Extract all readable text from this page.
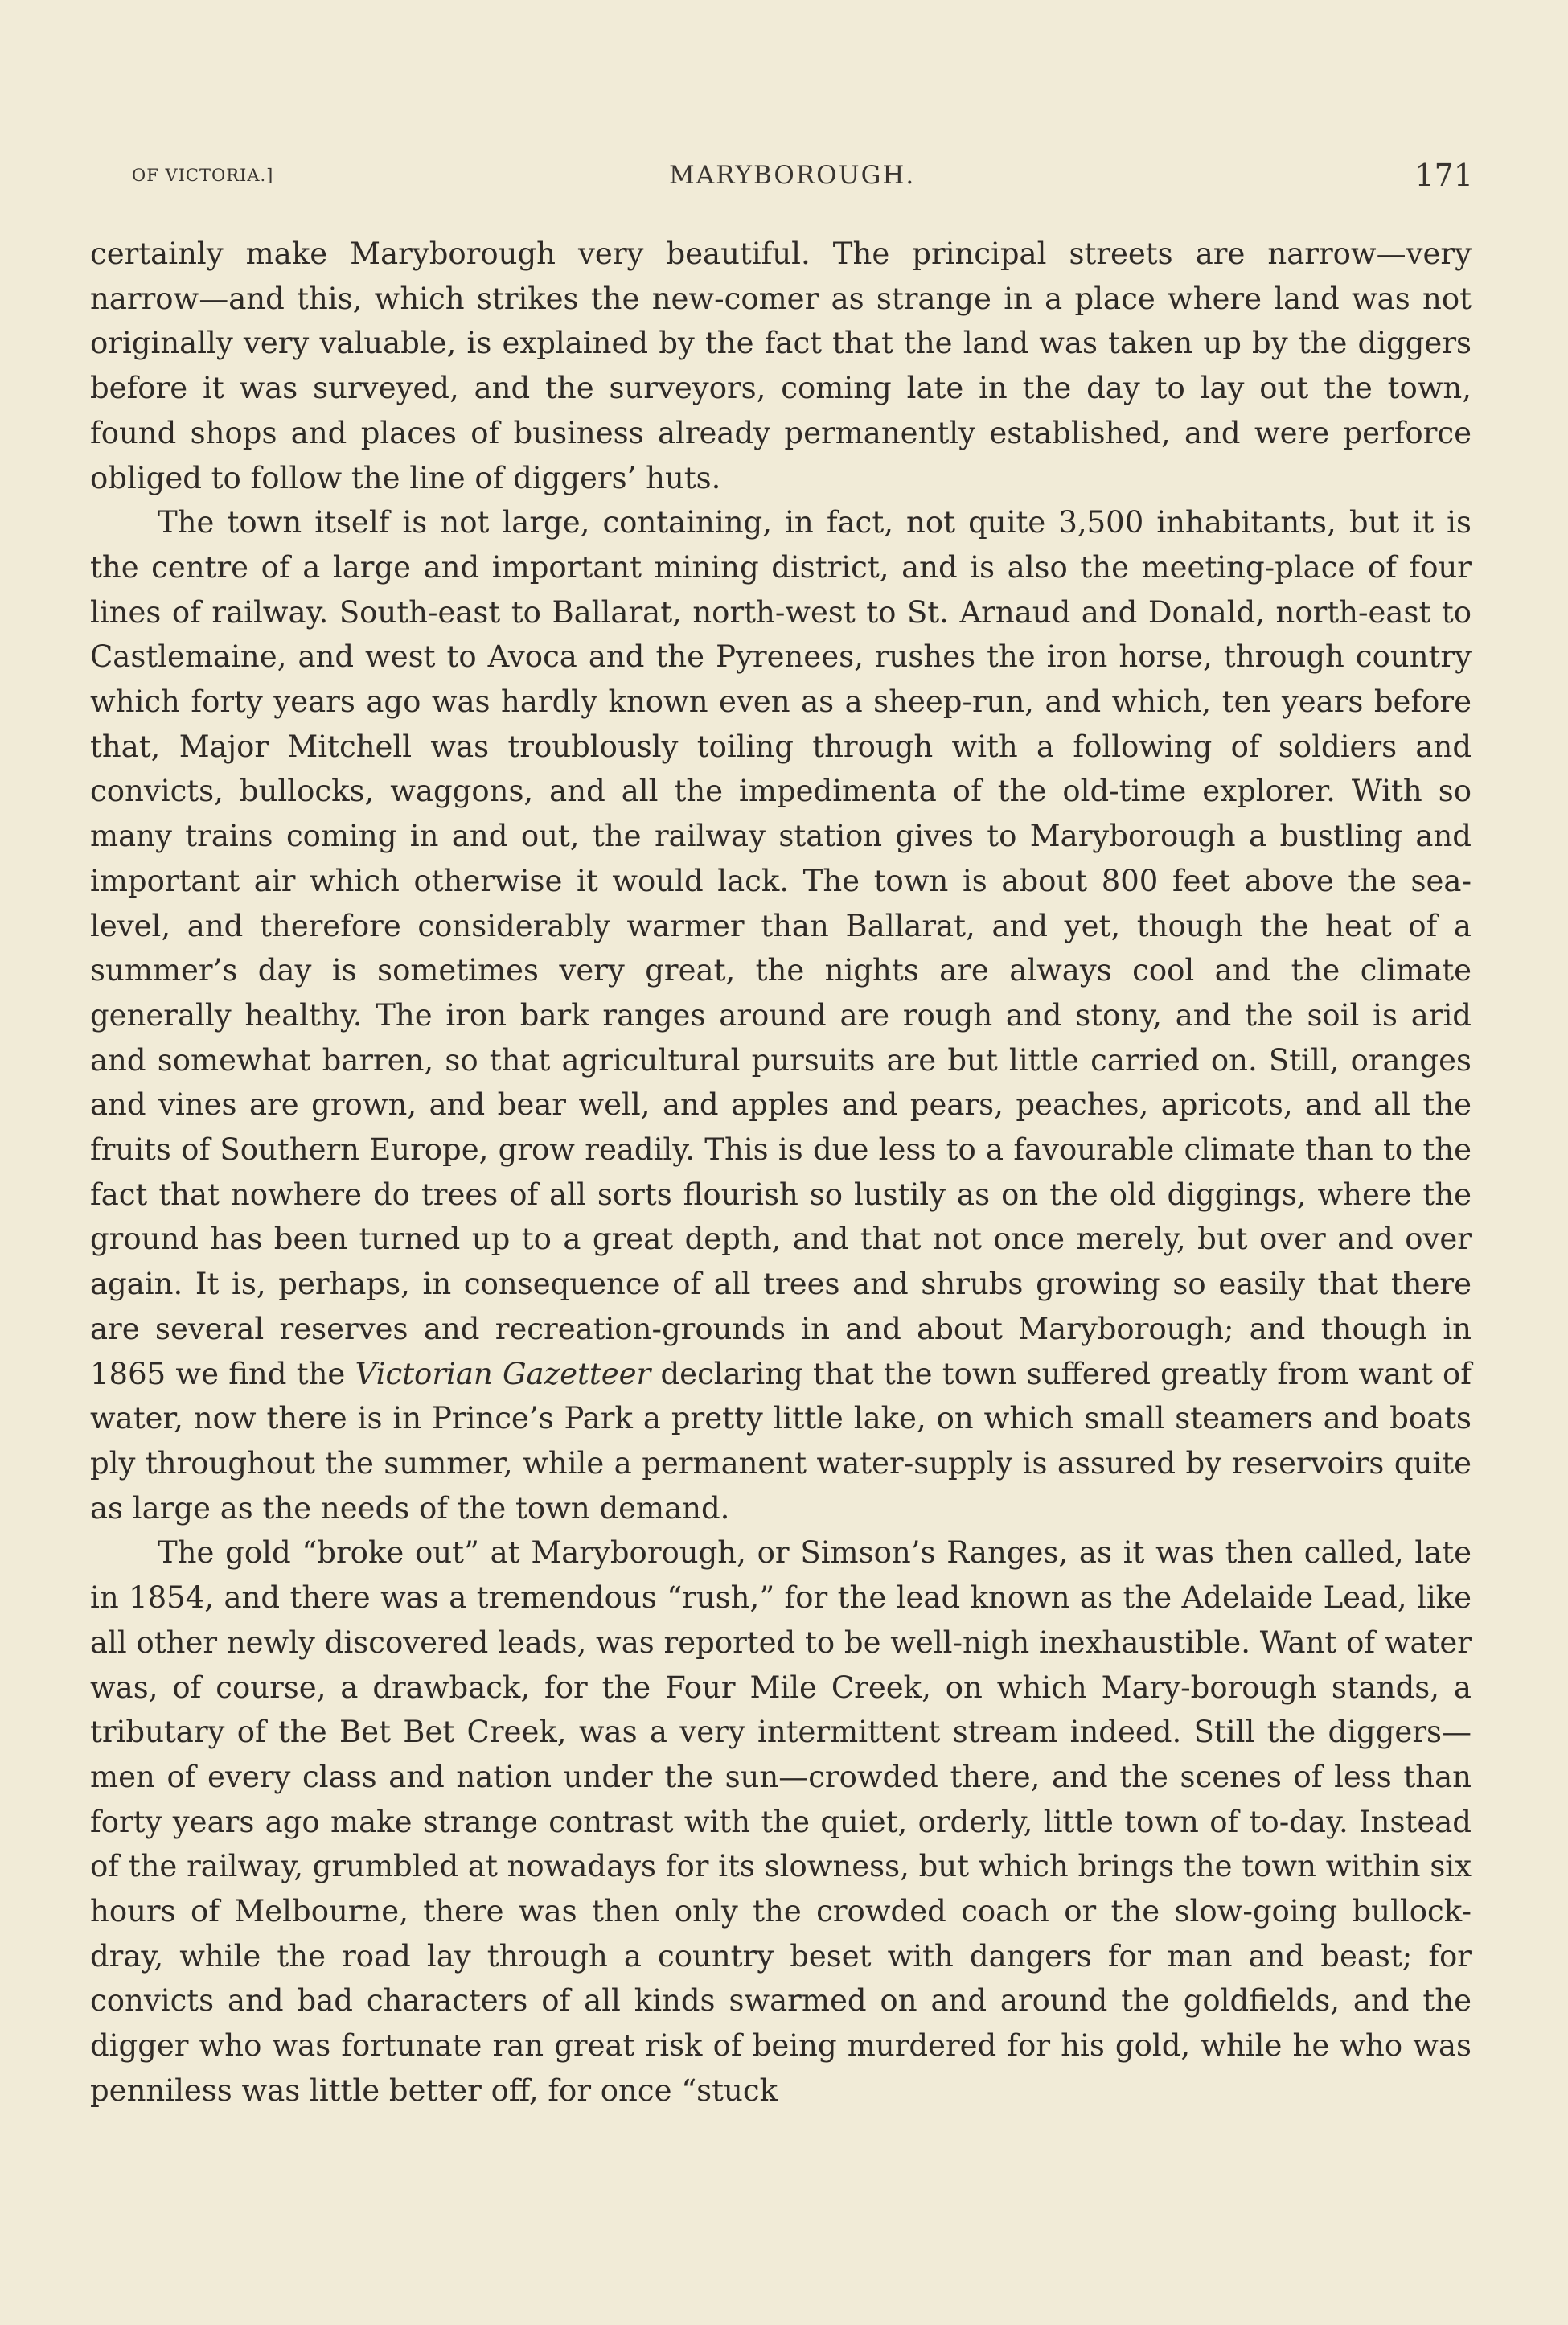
OF VICTORIA.]	MARYBOROUGH.	171

certainly make Maryborough very beautiful. The principal streets are narrow—very narrow—and this, which strikes the new-comer as strange in a place where land was not originally very valuable, is explained by the fact that the land was taken up by the diggers before it was surveyed, and the surveyors, coming late in the day to lay out the town, found shops and places of business already permanently established, and were perforce obliged to follow the line of diggers’ huts.

The town itself is not large, containing, in fact, not quite 3,500 inhabitants, but it is the centre of a large and important mining district, and is also the meeting-place of four lines of railway. South-east to Ballarat, north-west to St. Arnaud and Donald, north-east to Castlemaine, and west to Avoca and the Pyrenees, rushes the iron horse, through country which forty years ago was hardly known even as a sheep-run, and which, ten years before that, Major Mitchell was troublously toiling through with a following of soldiers and convicts, bullocks, waggons, and all the impedimenta of the old-time explorer. With so many trains coming in and out, the railway station gives to Maryborough a bustling and important air which otherwise it would lack. The town is about 800 feet above the sea-level, and therefore considerably warmer than Ballarat, and yet, though the heat of a summer’s day is sometimes very great, the nights are always cool and the climate generally healthy. The iron bark ranges around are rough and stony, and the soil is arid and somewhat barren, so that agricultural pursuits are but little carried on. Still, oranges and vines are grown, and bear well, and apples and pears, peaches, apricots, and all the fruits of Southern Europe, grow readily. This is due less to a favourable climate than to the fact that nowhere do trees of all sorts flourish so lustily as on the old diggings, where the ground has been turned up to a great depth, and that not once merely, but over and over again. It is, perhaps, in consequence of all trees and shrubs growing so easily that there are several reserves and recreation-grounds in and about Maryborough; and though in 1865 we find the Victorian Gazetteer declaring that the town suffered greatly from want of water, now there is in Prince’s Park a pretty little lake, on which small steamers and boats ply throughout the summer, while a permanent water-supply is assured by reservoirs quite as large as the needs of the town demand.

The gold “broke out” at Maryborough, or Simson’s Ranges, as it was then called, late in 1854, and there was a tremendous “rush,” for the lead known as the Adelaide Lead, like all other newly discovered leads, was reported to be well-nigh inexhaustible. Want of water was, of course, a drawback, for the Four Mile Creek, on which Mary-borough stands, a tributary of the Bet Bet Creek, was a very intermittent stream indeed. Still the diggers—men of every class and nation under the sun—crowded there, and the scenes of less than forty years ago make strange contrast with the quiet, orderly, little town of to-day. Instead of the railway, grumbled at nowadays for its slowness, but which brings the town within six hours of Melbourne, there was then only the crowded coach or the slow-going bullock-dray, while the road lay through a country beset with dangers for man and beast; for convicts and bad characters of all kinds swarmed on and around the goldfields, and the digger who was fortunate ran great risk of being murdered for his gold, while he who was penniless was little better off, for once “stuck
